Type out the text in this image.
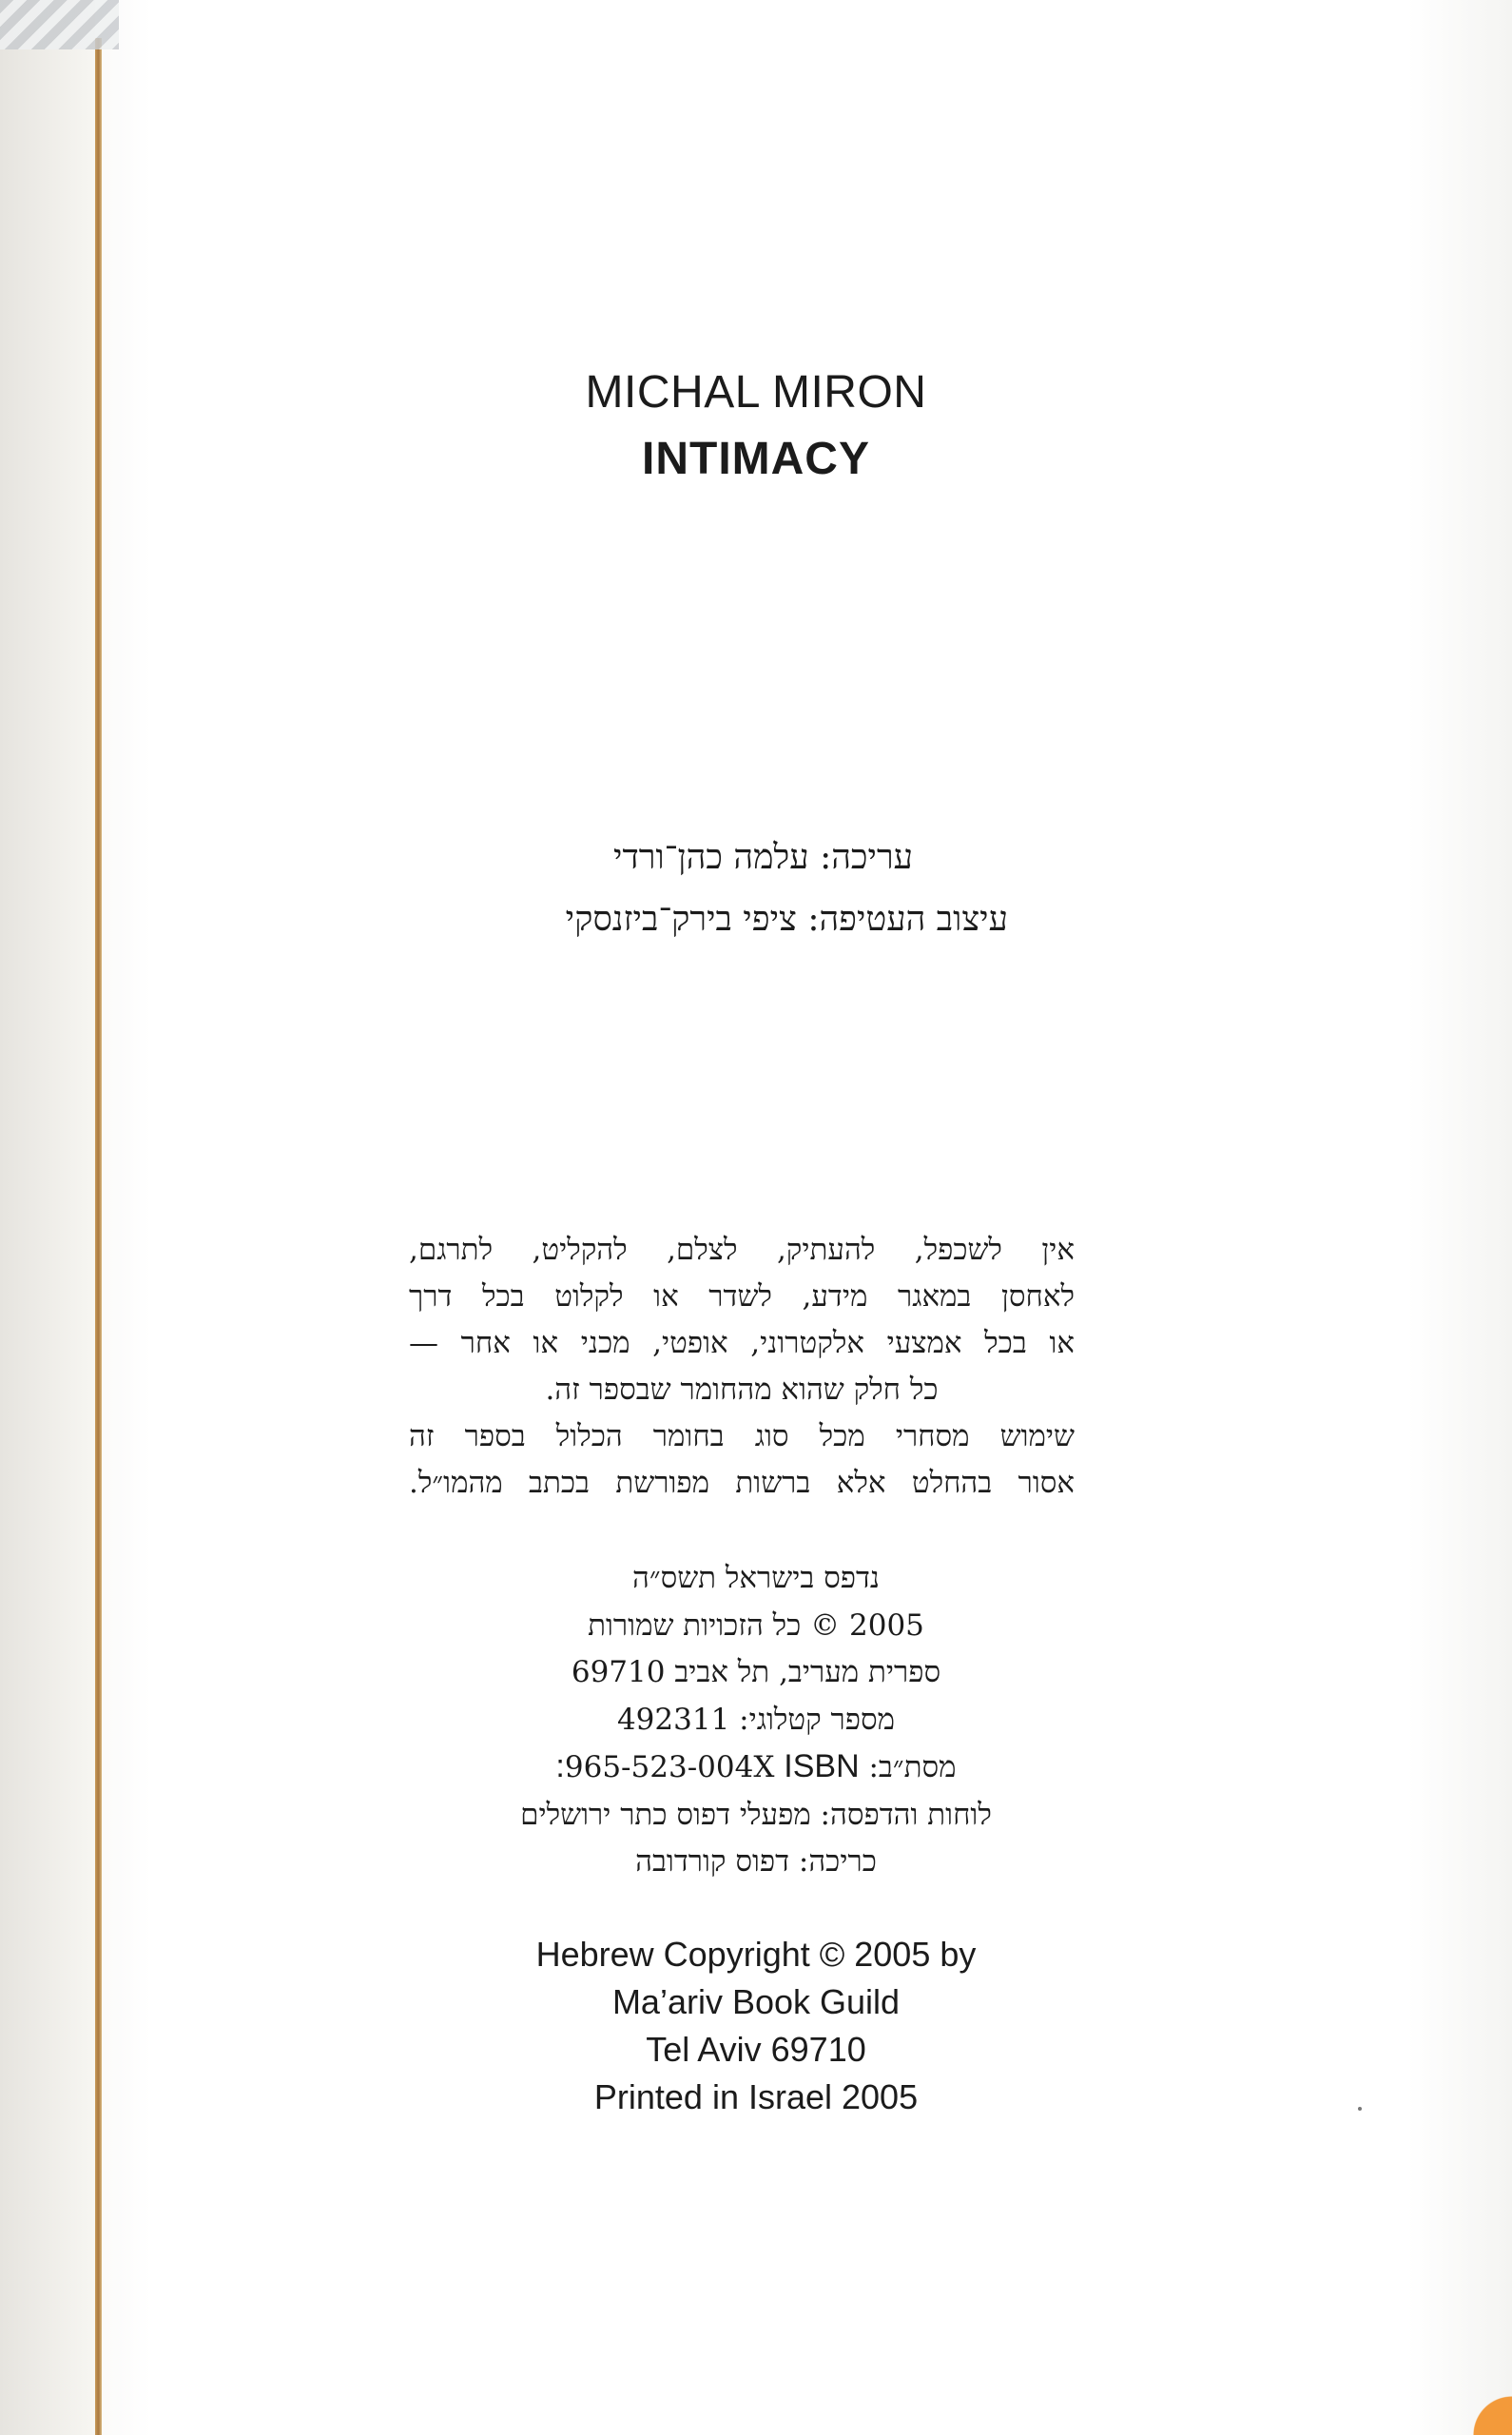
MICHAL MIRON
INTIMACY
עריכה: עלמה כהן־ורדי
עיצוב העטיפה: ציפי בירק־ביזנסקי
אין לשכפל, להעתיק, לצלם, להקליט, לתרגם,
לאחסן במאגר מידע, לשדר או לקלוט בכל דרך
או בכל אמצעי אלקטרוני, אופטי, מכני או אחר —
כל חלק שהוא מהחומר שבספר זה.
שימוש מסחרי מכל סוג בחומר הכלול בספר זה
אסור בהחלט אלא ברשות מפורשת בכתב מהמו״ל.
נדפס בישראל תשס״ה
2005 © כל הזכויות שמורות
ספרית מעריב, תל אביב 69710
מספר קטלוגי: 492311
מסת״ב: 965-523-004X ISBN:
לוחות והדפסה: מפעלי דפוס כתר ירושלים
כריכה: דפוס קורדובה
Hebrew Copyright © 2005 by
Ma’ariv Book Guild
Tel Aviv 69710
Printed in Israel 2005
